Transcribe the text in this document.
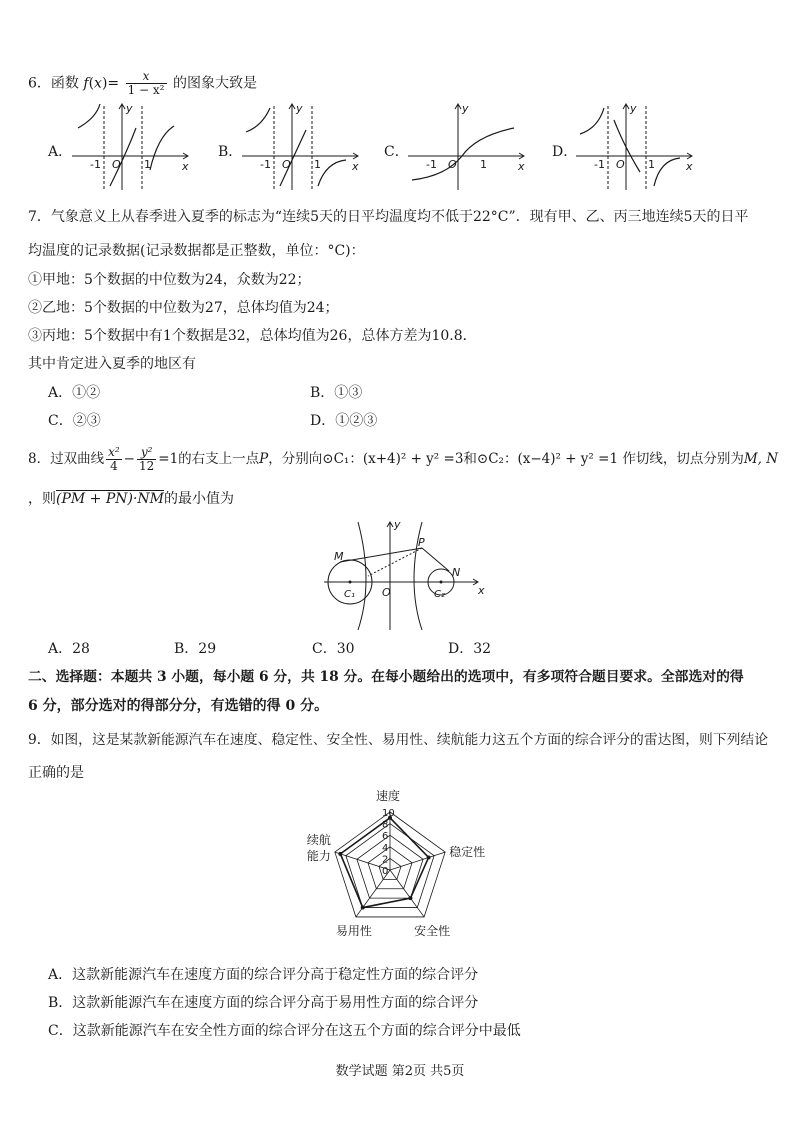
6．函数 $f(x)= \frac{x}{\text{1 − x²}}$ 的图象大致是
A．
-1 O 1	x
y
B．
-1 O 1	x
y
C．
-1 O 1	x
y
D．
-1 O 1	x
y
7．气象意义上从春季进入夏季的标志为“连续5天的日平均温度均不低于22°C”．现有甲、乙、丙三地连续5天的日平
均温度的记录数据(记录数据都是正整数，单位：°C)：
①甲地：5个数据的中位数为24，众数为22；
②乙地：5个数据的中位数为27，总体均值为24；
③丙地：5个数据中有1个数据是32，总体均值为26，总体方差为10.8．
其中肯定进入夏季的地区有
A．①②	B．①③
C．②③	D．①②③
8．过双曲线 $\frac{\text{x²}}{4} - \frac{\text{y²}}{12} =1$的右支上一点P，分别向⊙C₁：(x+4)² + y² =3和⊙C₂：(x−4)² + y² =1 作切线，切点分别为M, N
，则(PM + PN)·NM的最小值为
M
P
N
C₁	C₂
O	x
y
A．28	B．29	C．30	D．32
二、选择题：本题共 3 小题，每小题 6 分，共 18 分。在每小题给出的选项中，有多项符合题目要求。全部选对的得
6 分，部分选对的得部分分，有选错的得 0 分。
9．如图，这是某款新能源汽车在速度、稳定性、安全性、易用性、续航能力这五个方面的综合评分的雷达图，则下列结论
正确的是
10
8
6
4
2
0
速度
稳定性
安全性
易用性
续航
能力
A．这款新能源汽车在速度方面的综合评分高于稳定性方面的综合评分
B．这款新能源汽车在速度方面的综合评分高于易用性方面的综合评分
C．这款新能源汽车在安全性方面的综合评分在这五个方面的综合评分中最低
数学试题 第2页 共5页
